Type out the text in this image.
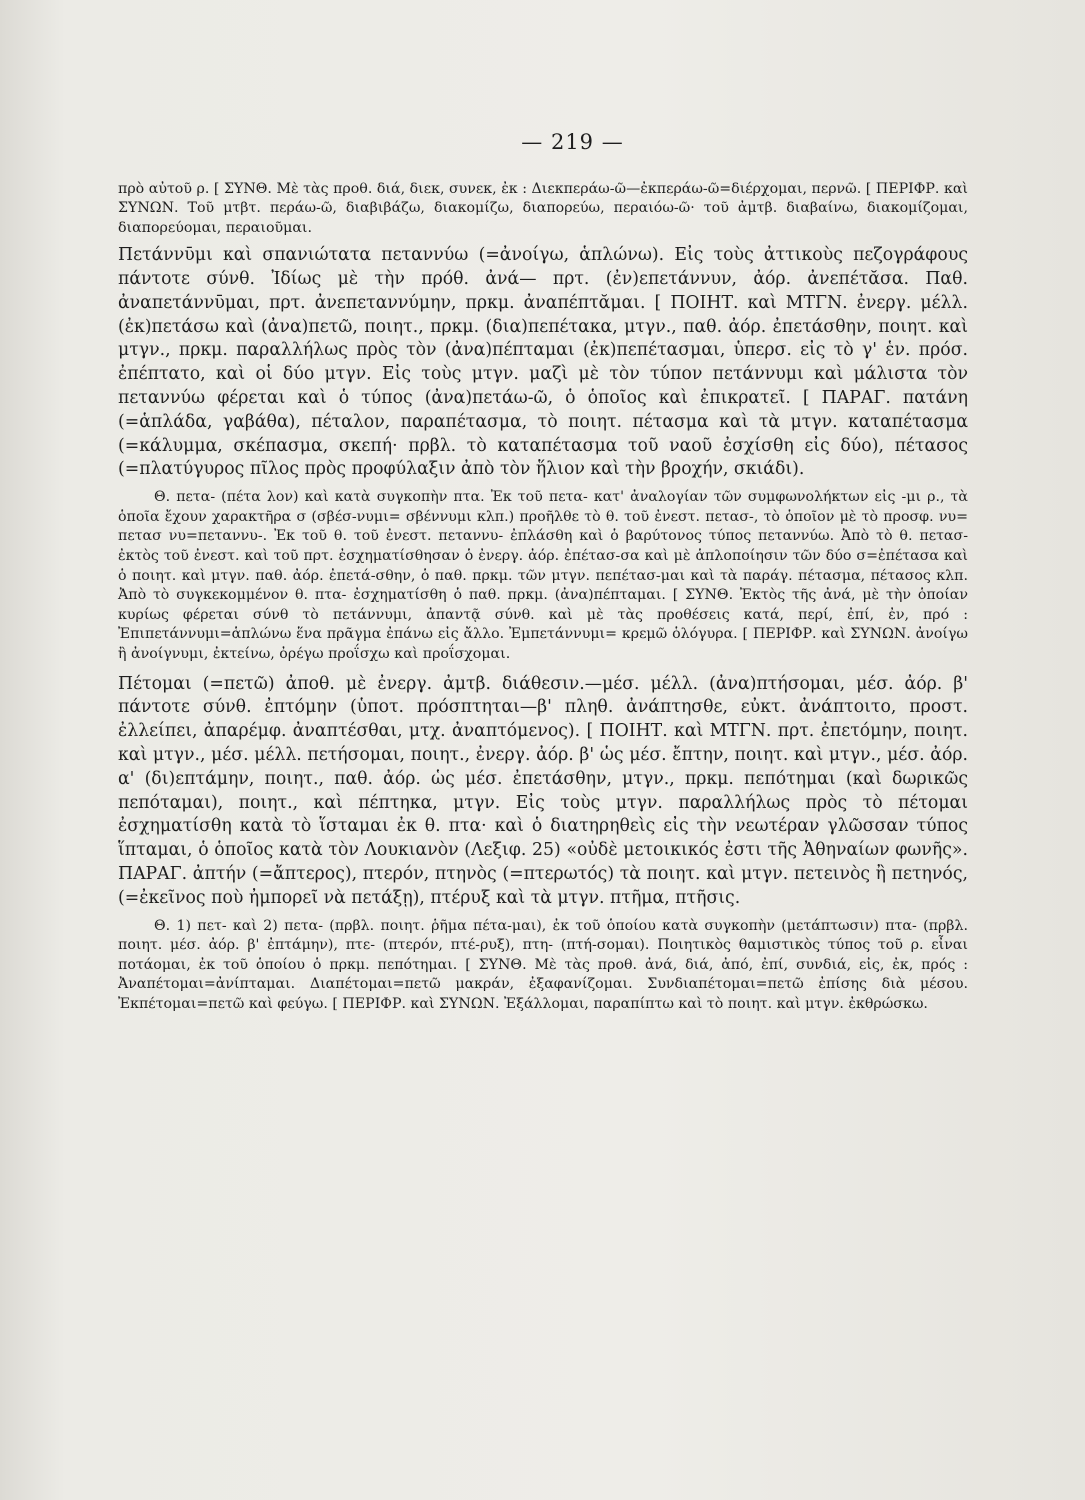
— 219 —

πρὸ αὐτοῦ ρ. [ ΣΥΝΘ. Μὲ τὰς προθ. διά, διεκ, συνεκ, ἐκ : Διεκπεράω-ῶ—ἐκπεράω-ῶ=διέρχομαι, περνῶ. [ ΠΕΡΙΦΡ. καὶ ΣΥΝΩΝ. Τοῦ μτβτ. περάω-ῶ, διαβιβάζω, διακομίζω, διαπορεύω, περαιόω-ῶ· τοῦ ἀμτβ. διαβαίνω, διακομίζομαι, διαπορεύομαι, περαιοῦμαι.

Πετάννῡμι καὶ σπανιώτατα πεταννύω (=ἀνοίγω, ἁπλώνω). Εἰς τοὺς ἀττικοὺς πεζογράφους πάντοτε σύνθ. Ἰδίως μὲ τὴν πρόθ. ἀνά— πρτ. (ἐν)επετάννυν, ἀόρ. ἀνεπέτᾰσα. Παθ. ἀναπετάννῡμαι, πρτ. ἀνεπεταννύμην, πρκμ. ἀναπέπτᾰμαι. [ ΠΟΙΗΤ. καὶ ΜΤΓΝ. ἐνεργ. μέλλ. (ἐκ)πετάσω καὶ (ἀνα)πετῶ, ποιητ., πρκμ. (δια)πεπέτακα, μτγν., παθ. ἀόρ. ἐπετάσθην, ποιητ. καὶ μτγν., πρκμ. παραλλήλως πρὸς τὸν (ἀνα)πέπταμαι (ἐκ)πεπέτασμαι, ὑπερσ. εἰς τὸ γ' ἑν. πρόσ. ἐπέπτατο, καὶ οἱ δύο μτγν. Εἰς τοὺς μτγν. μαζὶ μὲ τὸν τύπον πετάννυμι καὶ μάλιστα τὸν πεταννύω φέρεται καὶ ὁ τύπος (ἀνα)πετάω-ῶ, ὁ ὁποῖος καὶ ἐπικρατεῖ. [ ΠΑΡΑΓ. πατάνη (=ἁπλάδα, γαβάθα), πέταλον, παραπέτασμα, τὸ ποιητ. πέτασμα καὶ τὰ μτγν. καταπέτασμα (=κάλυμμα, σκέπασμα, σκεπή· πρβλ. τὸ καταπέτασμα τοῦ ναοῦ ἐσχίσθη εἰς δύο), πέτασος (=πλατύγυρος πῖλος πρὸς προφύλαξιν ἀπὸ τὸν ἥλιον καὶ τὴν βροχήν, σκιάδι).

Θ. πετα- (πέτα λον) καὶ κατὰ συγκοπὴν πτα. Ἐκ τοῦ πετα- κατ' ἀναλογίαν τῶν συμφωνολήκτων εἰς -μι ρ., τὰ ὁποῖα ἔχουν χαρακτῆρα σ (σβέσ-νυμι= σβέννυμι κλπ.) προῆλθε τὸ θ. τοῦ ἐνεστ. πετασ-, τὸ ὁποῖον μὲ τὸ προσφ. νυ= πετασ νυ=πεταννυ-. Ἐκ τοῦ θ. τοῦ ἐνεστ. πεταννυ- ἐπλάσθη καὶ ὁ βαρύτονος τύπος πεταννύω. Ἀπὸ τὸ θ. πετασ- ἐκτὸς τοῦ ἐνεστ. καὶ τοῦ πρτ. ἐσχηματίσθησαν ὁ ἐνεργ. ἀόρ. ἐπέτασ-σα καὶ μὲ ἁπλοποίησιν τῶν δύο σ=ἐπέτασα καὶ ὁ ποιητ. καὶ μτγν. παθ. ἀόρ. ἐπετά-σθην, ὁ παθ. πρκμ. τῶν μτγν. πεπέτασ-μαι καὶ τὰ παράγ. πέτασμα, πέτασος κλπ. Ἀπὸ τὸ συγκεκομμένον θ. πτα- ἐσχηματίσθη ὁ παθ. πρκμ. (ἀνα)πέπταμαι. [ ΣΥΝΘ. Ἐκτὸς τῆς ἀνά, μὲ τὴν ὁποίαν κυρίως φέρεται σύνθ τὸ πετάννυμι, ἀπαντᾷ σύνθ. καὶ μὲ τὰς προθέσεις κατά, περί, ἐπί, ἐν, πρό : Ἐπιπετάννυμι=ἁπλώνω ἕνα πρᾶγμα ἐπάνω εἰς ἄλλο. Ἐμπετάννυμι= κρεμῶ ὁλόγυρα. [ ΠΕΡΙΦΡ. καὶ ΣΥΝΩΝ. ἀνοίγω ἢ ἀνοίγνυμι, ἐκτείνω, ὀρέγω προΐσχω καὶ προΐσχομαι.

Πέτομαι (=πετῶ) ἀποθ. μὲ ἐνεργ. ἀμτβ. διάθεσιν.—μέσ. μέλλ. (ἀνα)πτήσομαι, μέσ. ἀόρ. β' πάντοτε σύνθ. ἐπτόμην (ὑποτ. πρόσπτηται—β' πληθ. ἀνάπτησθε, εὐκτ. ἀνάπτοιτο, προστ. ἐλλείπει, ἀπαρέμφ. ἀναπτέσθαι, μτχ. ἀναπτόμενος). [ ΠΟΙΗΤ. καὶ ΜΤΓΝ. πρτ. ἐπετόμην, ποιητ. καὶ μτγν., μέσ. μέλλ. πετήσομαι, ποιητ., ἐνεργ. ἀόρ. β' ὡς μέσ. ἔπτην, ποιητ. καὶ μτγν., μέσ. ἀόρ. α' (δι)επτάμην, ποιητ., παθ. ἀόρ. ὡς μέσ. ἐπετάσθην, μτγν., πρκμ. πεπότημαι (καὶ δωρικῶς πεπόταμαι), ποιητ., καὶ πέπτηκα, μτγν. Εἰς τοὺς μτγν. παραλλήλως πρὸς τὸ πέτομαι ἐσχηματίσθη κατὰ τὸ ἵσταμαι ἐκ θ. πτα· καὶ ὁ διατηρηθεὶς εἰς τὴν νεωτέραν γλῶσσαν τύπος ἵπταμαι, ὁ ὁποῖος κατὰ τὸν Λουκιανὸν (Λεξιφ. 25) «οὐδὲ μετοικικός ἐστι τῆς Ἀθηναίων φωνῆς». ΠΑΡΑΓ. ἀπτήν (=ἄπτερος), πτερόν, πτηνὸς (=πτερωτός) τὰ ποιητ. καὶ μτγν. πετεινὸς ἢ πετηνός, (=ἐκεῖνος ποὺ ἠμπορεῖ νὰ πετάξῃ), πτέρυξ καὶ τὰ μτγν. πτῆμα, πτῆσις.

Θ. 1) πετ- καὶ 2) πετα- (πρβλ. ποιητ. ῥῆμα πέτα-μαι), ἐκ τοῦ ὁποίου κατὰ συγκοπὴν (μετάπτωσιν) πτα- (πρβλ. ποιητ. μέσ. ἀόρ. β' ἐπτάμην), πτε- (πτερόν, πτέ-ρυξ), πτη- (πτή-σομαι). Ποιητικὸς θαμιστικὸς τύπος τοῦ ρ. εἶναι ποτάομαι, ἐκ τοῦ ὁποίου ὁ πρκμ. πεπότημαι. [ ΣΥΝΘ. Μὲ τὰς προθ. ἀνά, διά, ἀπό, ἐπί, συνδιά, εἰς, ἐκ, πρός : Ἀναπέτομαι=ἀνίπταμαι. Διαπέτομαι=πετῶ μακράν, ἐξαφανίζομαι. Συνδιαπέτομαι=πετῶ ἐπίσης διὰ μέσου. Ἐκπέτομαι=πετῶ καὶ φεύγω. [ ΠΕΡΙΦΡ. καὶ ΣΥΝΩΝ. Ἐξάλλομαι, παραπίπτω καὶ τὸ ποιητ. καὶ μτγν. ἐκθρώσκω.
